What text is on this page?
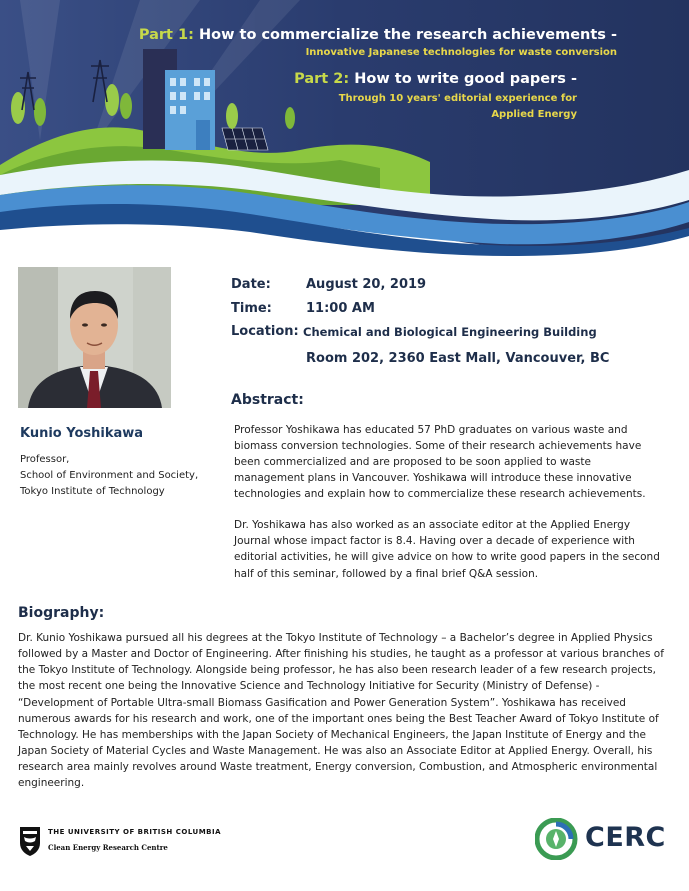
Part 1: How to commercialize the research achievements -
Innovative Japanese technologies for waste conversion
Part 2: How to write good papers -
Through 10 years' editorial experience for
Applied Energy
Kunio Yoshikawa
Professor,
School of Environment and Society,
Tokyo Institute of Technology
Date:	August 20, 2019
Time:	11:00 AM
Location: Chemical and Biological Engineering Building
Room 202, 2360 East Mall, Vancouver, BC
Abstract:

Professor Yoshikawa has educated 57 PhD graduates on various waste and biomass conversion technologies. Some of their research achievements have been commercialized and are proposed to be soon applied to waste management plans in Vancouver. Yoshikawa will introduce these innovative technologies and explain how to commercialize these research achievements.

Dr. Yoshikawa has also worked as an associate editor at the Applied Energy Journal whose impact factor is 8.4. Having over a decade of experience with editorial activities, he will give advice on how to write good papers in the second half of this seminar, followed by a final brief Q&A session.

Biography:
Dr. Kunio Yoshikawa pursued all his degrees at the Tokyo Institute of Technology – a Bachelor’s degree in Applied Physics followed by a Master and Doctor of Engineering. After finishing his studies, he taught as a professor at various branches of the Tokyo Institute of Technology. Alongside being professor, he has also been research leader of a few research projects, the most recent one being the Innovative Science and Technology Initiative for Security (Ministry of Defense) - “Development of Portable Ultra-small Biomass Gasification and Power Generation System”. Yoshikawa has received numerous awards for his research and work, one of the important ones being the Best Teacher Award of Tokyo Institute of Technology. He has memberships with the Japan Society of Mechanical Engineers, the Japan Institute of Energy and the Japan Society of Material Cycles and Waste Management. He was also an Associate Editor at Applied Energy. Overall, his research area mainly revolves around Waste treatment, Energy conversion, Combustion, and Atmospheric environmental engineering.
THE UNIVERSITY OF BRITISH COLUMBIA
Clean Energy Research Centre	CERC
